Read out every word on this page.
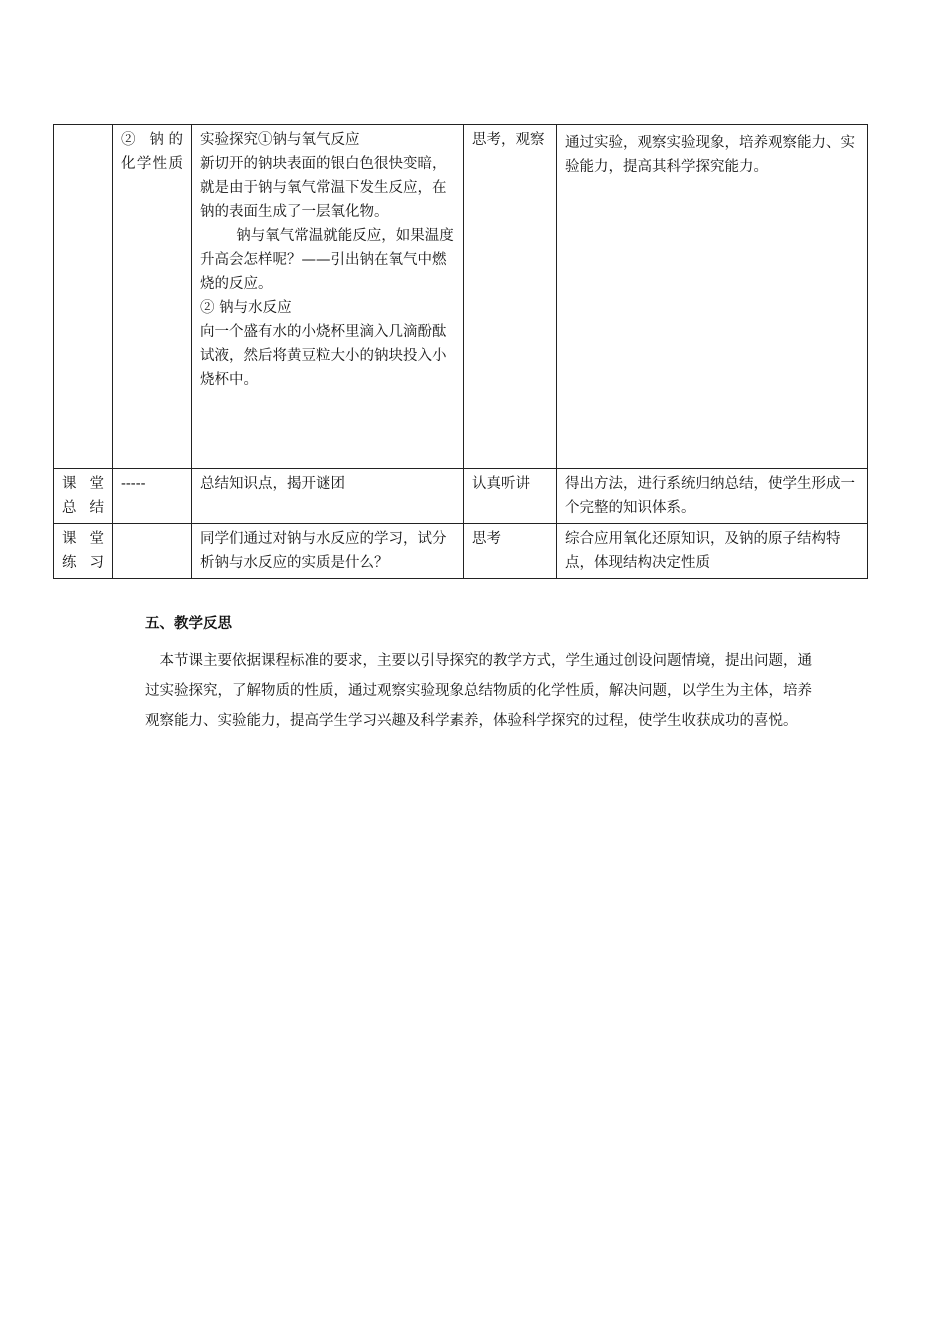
	② 钠的化学性质	实验探究①钠与氧气反应
新切开的钠块表面的银白色很快变暗，就是由于钠与氧气常温下发生反应，在钠的表面生成了一层氧化物。
钠与氧气常温就能反应，如果温度升高会怎样呢？——引出钠在氧气中燃烧的反应。
② 钠与水反应
向一个盛有水的小烧杯里滴入几滴酚酞试液，然后将黄豆粒大小的钠块投入小烧杯中。	思考，观察	通过实验，观察实验现象，培养观察能力、实验能力，提高其科学探究能力。
课堂总结	-----	总结知识点，揭开谜团	认真听讲	得出方法，进行系统归纳总结，使学生形成一个完整的知识体系。
课堂练习		同学们通过对钠与水反应的学习，试分析钠与水反应的实质是什么？	思考	综合应用氧化还原知识，及钠的原子结构特点，体现结构决定性质

五、教学反思

本节课主要依据课程标准的要求，主要以引导探究的教学方式，学生通过创设问题情境，提出问题，通过实验探究，了解物质的性质，通过观察实验现象总结物质的化学性质，解决问题，以学生为主体，培养观察能力、实验能力，提高学生学习兴趣及科学素养，体验科学探究的过程，使学生收获成功的喜悦。
